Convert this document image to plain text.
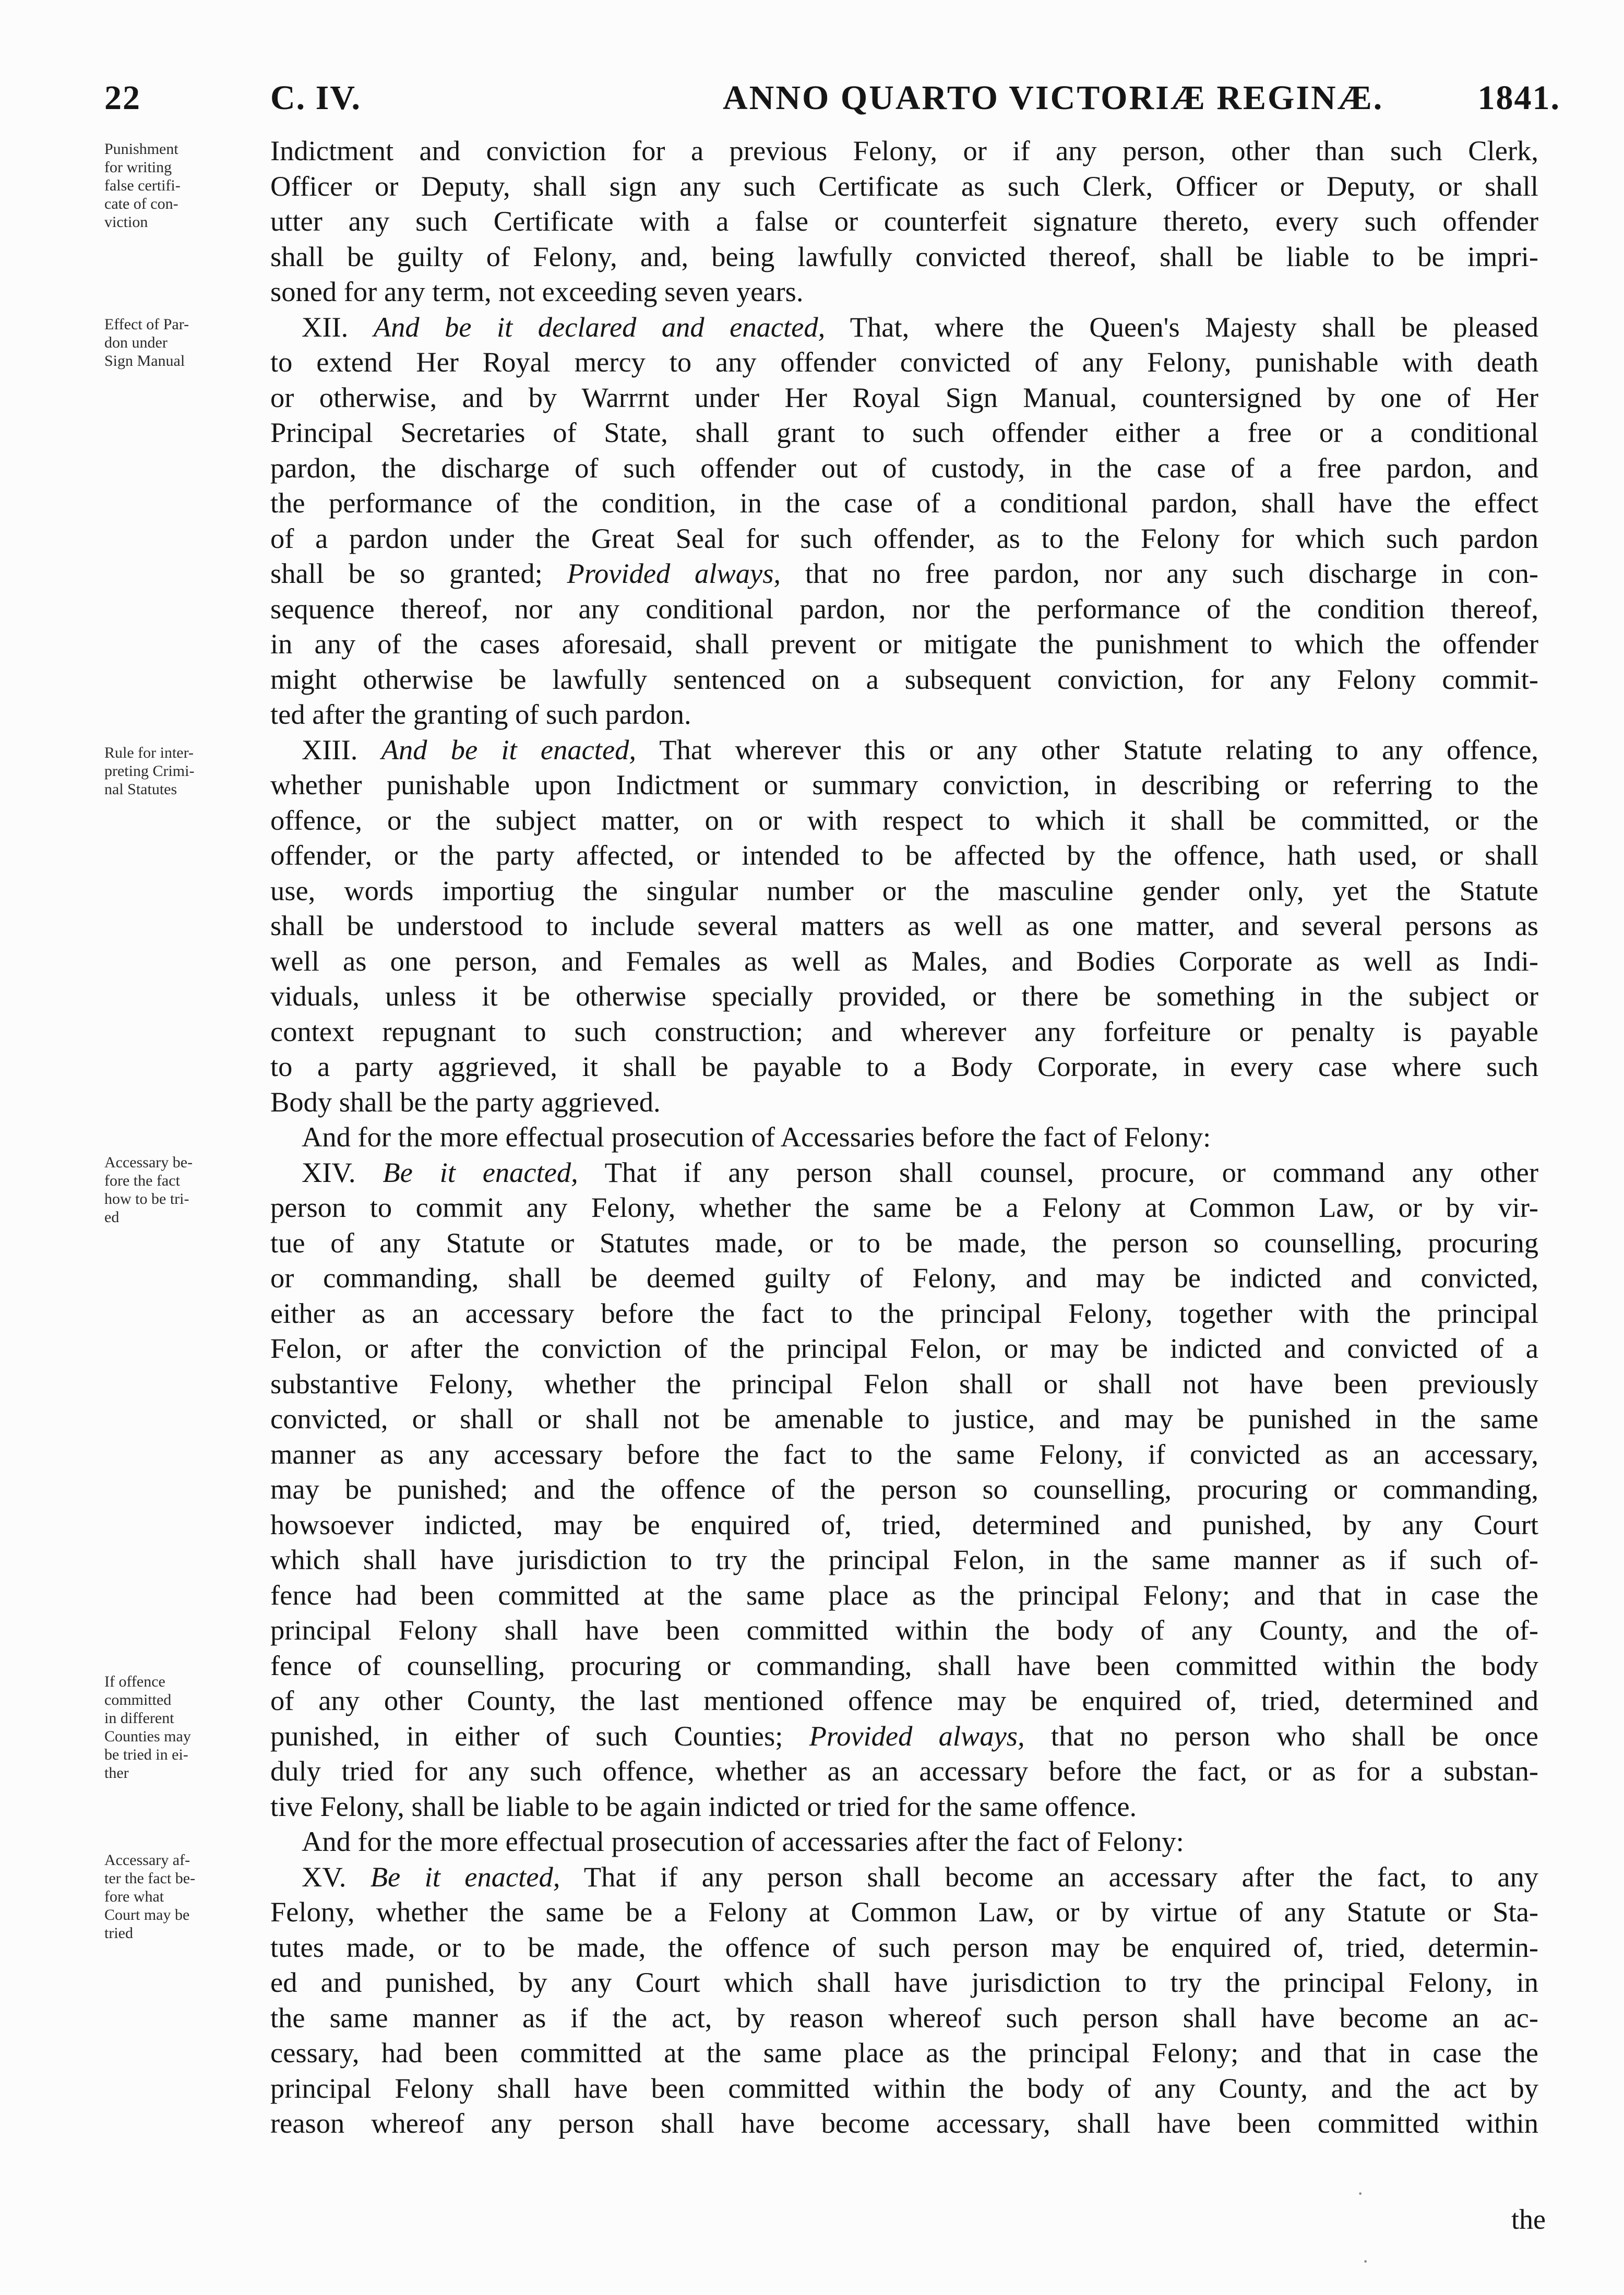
22	C. IV.	ANNO QUARTO VICTORIÆ REGINÆ.	1841.
Punishment
for writing
false certifi-
cate of con-
viction
Effect of Par-
don under
Sign Manual
Rule for inter-
preting Crimi-
nal Statutes
Accessary be-
fore the fact
how to be tri-
ed
If offence
committed
in different
Counties may
be tried in ei-
ther
Accessary af-
ter the fact be-
fore what
Court may be
tried
Indictment and conviction for a previous Felony, or if any person, other than such Clerk,
Officer or Deputy, shall sign any such Certificate as such Clerk, Officer or Deputy, or shall
utter any such Certificate with a false or counterfeit signature thereto, every such offender
shall be guilty of Felony, and, being lawfully convicted thereof, shall be liable to be impri-
soned for any term, not exceeding seven years.
XII. And be it declared and enacted, That, where the Queen's Majesty shall be pleased
to extend Her Royal mercy to any offender convicted of any Felony, punishable with death
or otherwise, and by Warrrnt under Her Royal Sign Manual, countersigned by one of Her
Principal Secretaries of State, shall grant to such offender either a free or a conditional
pardon, the discharge of such offender out of custody, in the case of a free pardon, and
the performance of the condition, in the case of a conditional pardon, shall have the effect
of a pardon under the Great Seal for such offender, as to the Felony for which such pardon
shall be so granted; Provided always, that no free pardon, nor any such discharge in con-
sequence thereof, nor any conditional pardon, nor the performance of the condition thereof,
in any of the cases aforesaid, shall prevent or mitigate the punishment to which the offender
might otherwise be lawfully sentenced on a subsequent conviction, for any Felony commit-
ted after the granting of such pardon.
XIII. And be it enacted, That wherever this or any other Statute relating to any offence,
whether punishable upon Indictment or summary conviction, in describing or referring to the
offence, or the subject matter, on or with respect to which it shall be committed, or the
offender, or the party affected, or intended to be affected by the offence, hath used, or shall
use, words importiug the singular number or the masculine gender only, yet the Statute
shall be understood to include several matters as well as one matter, and several persons as
well as one person, and Females as well as Males, and Bodies Corporate as well as Indi-
viduals, unless it be otherwise specially provided, or there be something in the subject or
context repugnant to such construction; and wherever any forfeiture or penalty is payable
to a party aggrieved, it shall be payable to a Body Corporate, in every case where such
Body shall be the party aggrieved.
And for the more effectual prosecution of Accessaries before the fact of Felony:
XIV. Be it enacted, That if any person shall counsel, procure, or command any other
person to commit any Felony, whether the same be a Felony at Common Law, or by vir-
tue of any Statute or Statutes made, or to be made, the person so counselling, procuring
or commanding, shall be deemed guilty of Felony, and may be indicted and convicted,
either as an accessary before the fact to the principal Felony, together with the principal
Felon, or after the conviction of the principal Felon, or may be indicted and convicted of a
substantive Felony, whether the principal Felon shall or shall not have been previously
convicted, or shall or shall not be amenable to justice, and may be punished in the same
manner as any accessary before the fact to the same Felony, if convicted as an accessary,
may be punished; and the offence of the person so counselling, procuring or commanding,
howsoever indicted, may be enquired of, tried, determined and punished, by any Court
which shall have jurisdiction to try the principal Felon, in the same manner as if such of-
fence had been committed at the same place as the principal Felony; and that in case the
principal Felony shall have been committed within the body of any County, and the of-
fence of counselling, procuring or commanding, shall have been committed within the body
of any other County, the last mentioned offence may be enquired of, tried, determined and
punished, in either of such Counties; Provided always, that no person who shall be once
duly tried for any such offence, whether as an accessary before the fact, or as for a substan-
tive Felony, shall be liable to be again indicted or tried for the same offence.
And for the more effectual prosecution of accessaries after the fact of Felony:
XV. Be it enacted, That if any person shall become an accessary after the fact, to any
Felony, whether the same be a Felony at Common Law, or by virtue of any Statute or Sta-
tutes made, or to be made, the offence of such person may be enquired of, tried, determin-
ed and punished, by any Court which shall have jurisdiction to try the principal Felony, in
the same manner as if the act, by reason whereof such person shall have become an ac-
cessary, had been committed at the same place as the principal Felony; and that in case the
principal Felony shall have been committed within the body of any County, and the act by
reason whereof any person shall have become accessary, shall have been committed within
the
·
·
